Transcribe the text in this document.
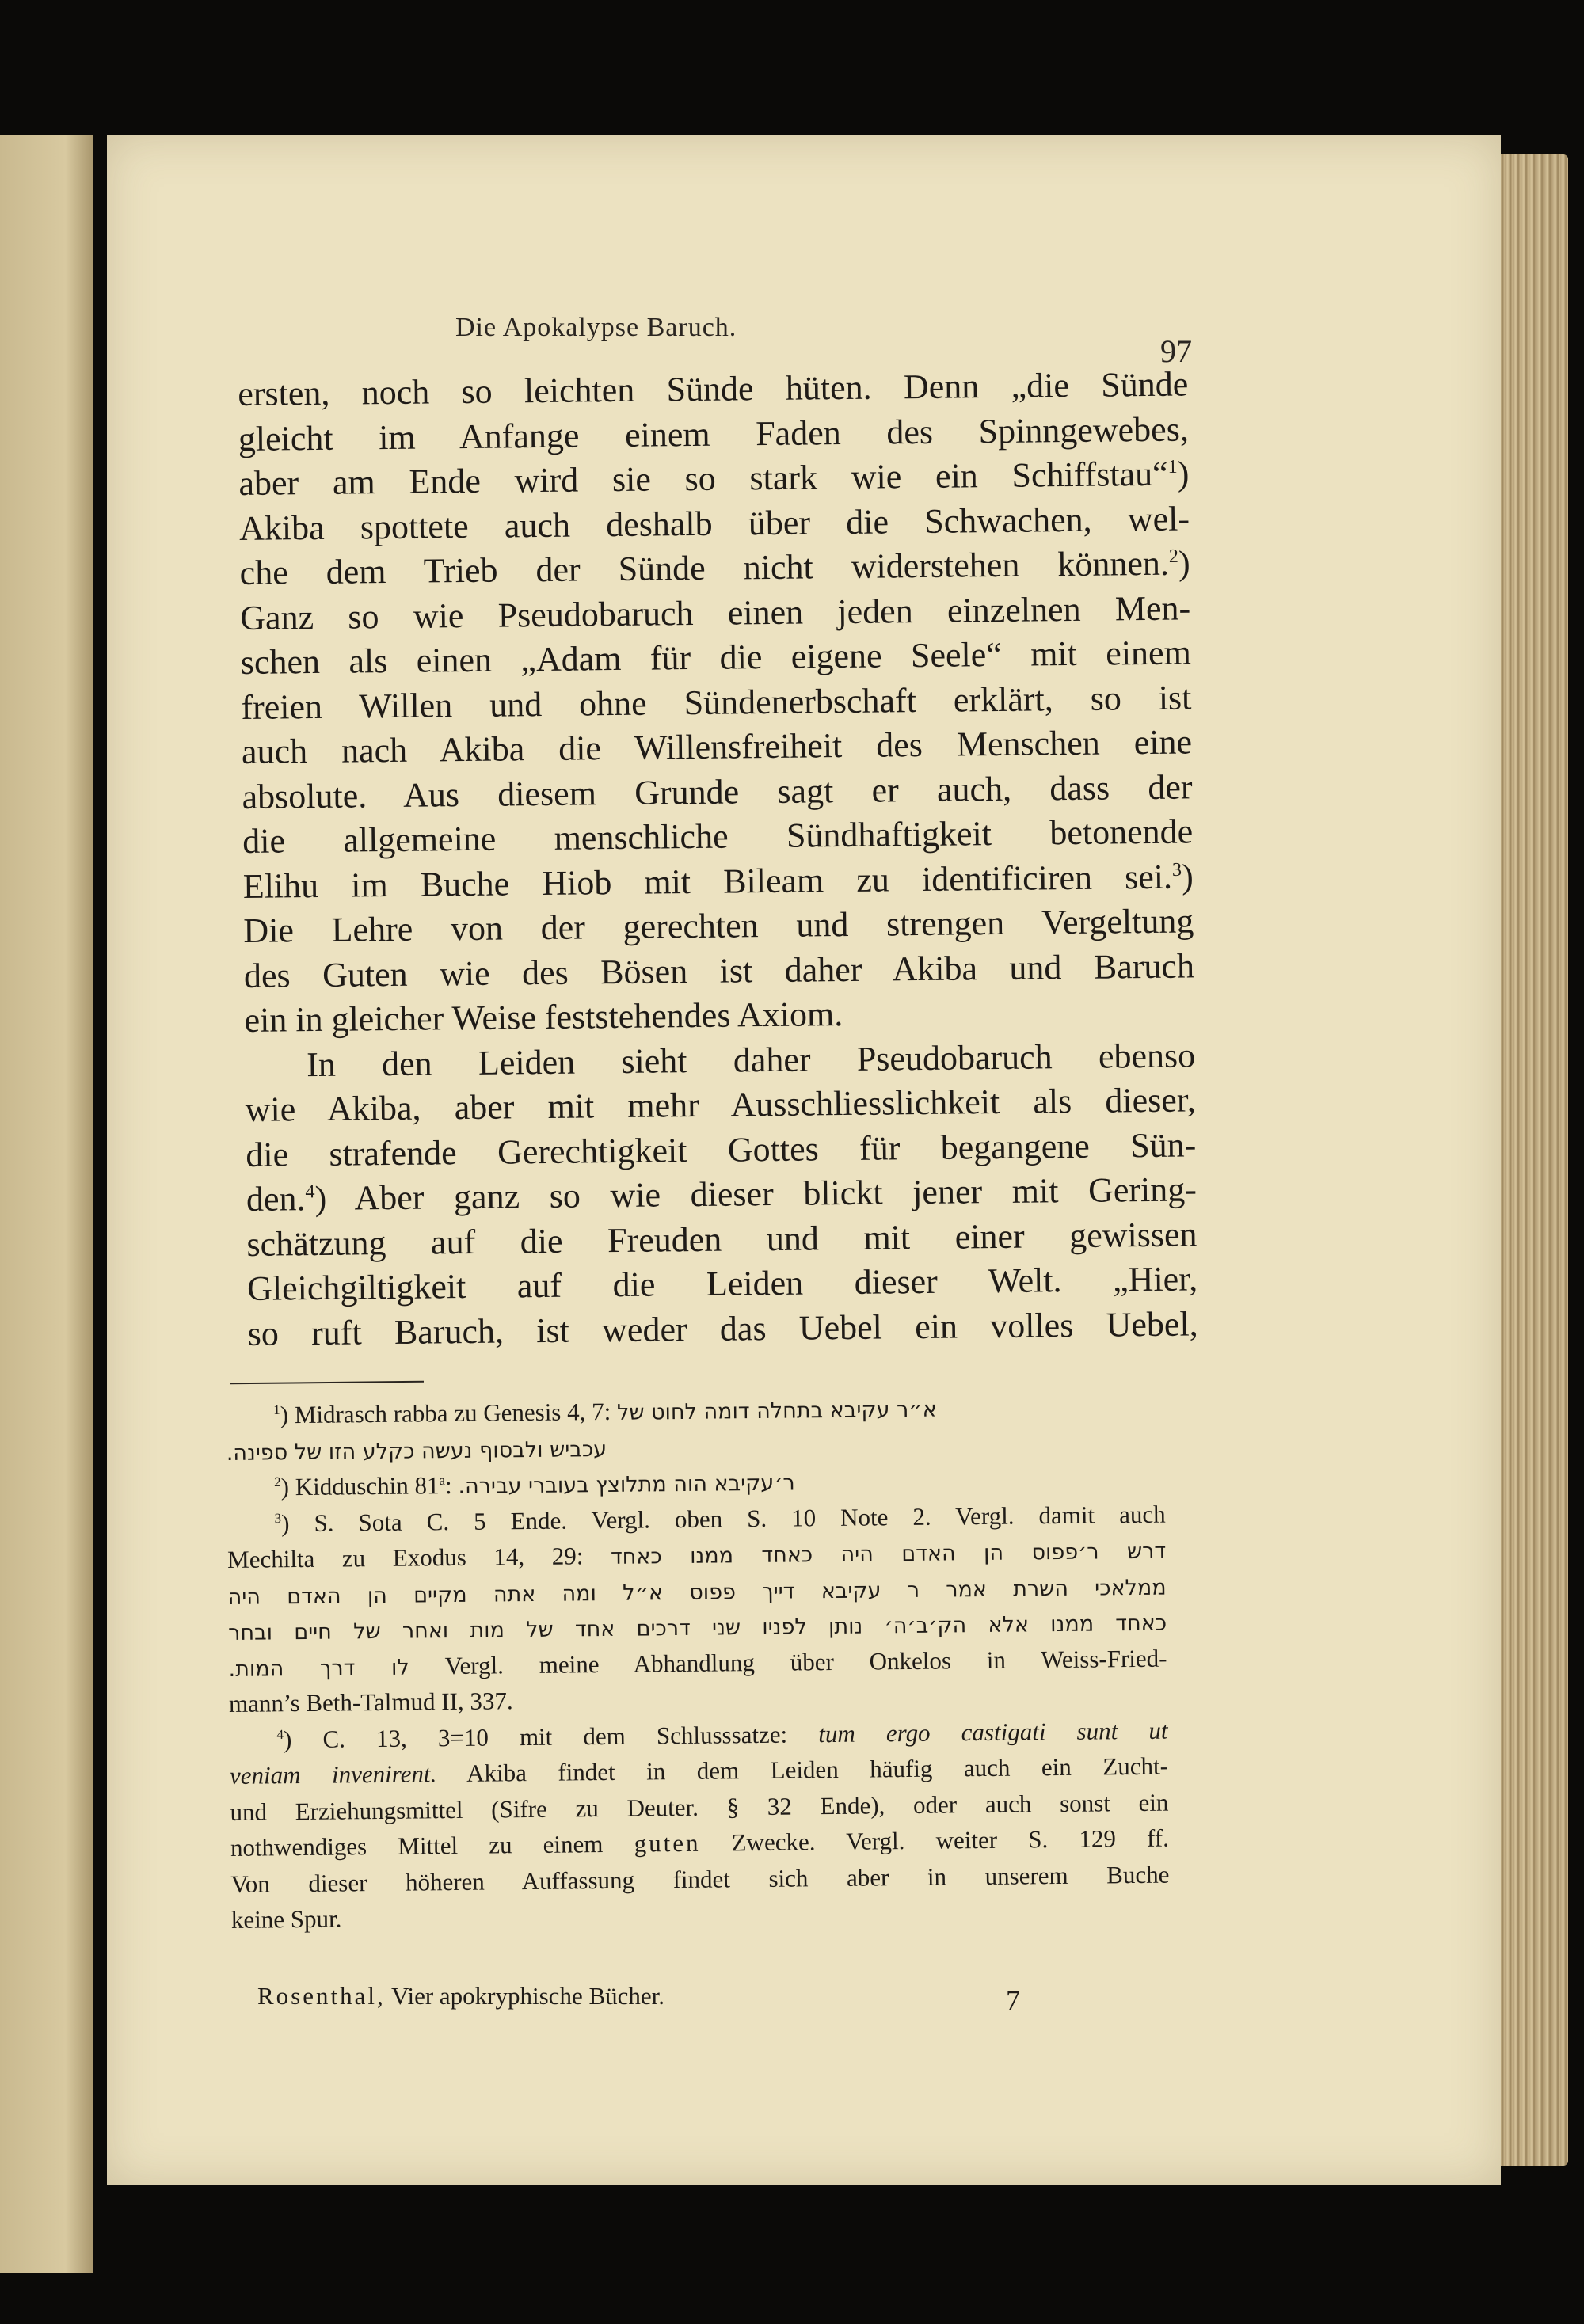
Die Apokalypse Baruch.
97
ersten, noch so leichten Sünde hüten. Denn „die Sünde
gleicht im Anfange einem Faden des Spinngewebes,
aber am Ende wird sie so stark wie ein Schiffstau“$^1$)
Akiba spottete auch deshalb über die Schwachen, wel-
che dem Trieb der Sünde nicht widerstehen können.$^2$)
Ganz so wie Pseudobaruch einen jeden einzelnen Men-
schen als einen „Adam für die eigene Seele“ mit einem
freien Willen und ohne Sündenerbschaft erklärt, so ist
auch nach Akiba die Willensfreiheit des Menschen eine
absolute. Aus diesem Grunde sagt er auch, dass der
die allgemeine menschliche Sündhaftigkeit betonende
Elihu im Buche Hiob mit Bileam zu identificiren sei.$^3$)
Die Lehre von der gerechten und strengen Vergeltung
des Guten wie des Bösen ist daher Akiba und Baruch
ein in gleicher Weise feststehendes Axiom.
In den Leiden sieht daher Pseudobaruch ebenso
wie Akiba, aber mit mehr Ausschliesslichkeit als dieser,
die strafende Gerechtigkeit Gottes für begangene Sün-
den.$^4$) Aber ganz so wie dieser blickt jener mit Gering-
schätzung auf die Freuden und mit einer gewissen
Gleichgiltigkeit auf die Leiden dieser Welt. „Hier,
so ruft Baruch, ist weder das Uebel ein volles Uebel,
$^1$) Midrasch rabba zu Genesis 4, 7: א״ר עקיבא בתחלה דומה לחוט של
עכביש ולבסוף נעשה כקלע הזו של ספינה.
$^2$) Kidduschin 81$^a$: ר׳עקיבא הוה מתלוצץ בעוברי עבירה.
$^3$) S. Sota C. 5 Ende. Vergl. oben S. 10 Note 2. Vergl. damit auch
Mechilta zu Exodus 14, 29: דרש ר׳פפוס הן האדם היה כאחד ממנו כאחד
ממלאכי השרת אמר ר עקיבא דייך פפוס א״ל ומה אתה מקיים הן האדם היה
כאחד ממנו אלא הק׳ב׳ה׳ נותן לפניו שני דרכים אחד של מות ואחר של חיים ובחר
לו דרך המות. Vergl. meine Abhandlung über Onkelos in Weiss-Fried-
mann’s Beth-Talmud II, 337.
$^4$) C. 13, 3=10 mit dem Schlusssatze: tum ergo castigati sunt ut
veniam invenirent. Akiba findet in dem Leiden häufig auch ein Zucht-
und Erziehungsmittel (Sifre zu Deuter. § 32 Ende), oder auch sonst ein
nothwendiges Mittel zu einem guten Zwecke. Vergl. weiter S. 129 ff.
Von dieser höheren Auffassung findet sich aber in unserem Buche
keine Spur.
Rosenthal, Vier apokryphische Bücher.	7
